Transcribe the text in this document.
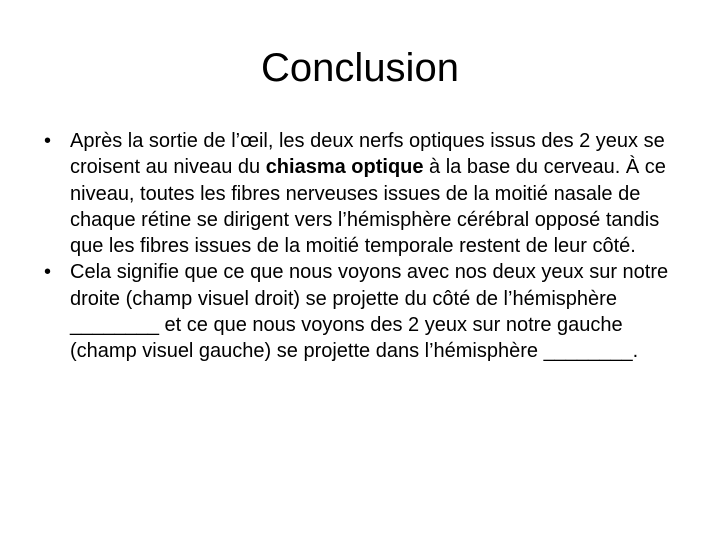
Conclusion
• Après la sortie de l’œil, les deux nerfs optiques issus des 2 yeux se croisent au niveau du chiasma optique à la base du cerveau. À ce niveau, toutes les fibres nerveuses issues de la moitié nasale de chaque rétine se dirigent vers l’hémisphère cérébral opposé tandis que les fibres issues de la moitié temporale restent de leur côté.
• Cela signifie que ce que nous voyons avec nos deux yeux sur notre droite (champ visuel droit) se projette du côté de l’hémisphère ________ et ce que nous voyons des 2 yeux sur notre gauche (champ visuel gauche) se projette dans l’hémisphère ________.
